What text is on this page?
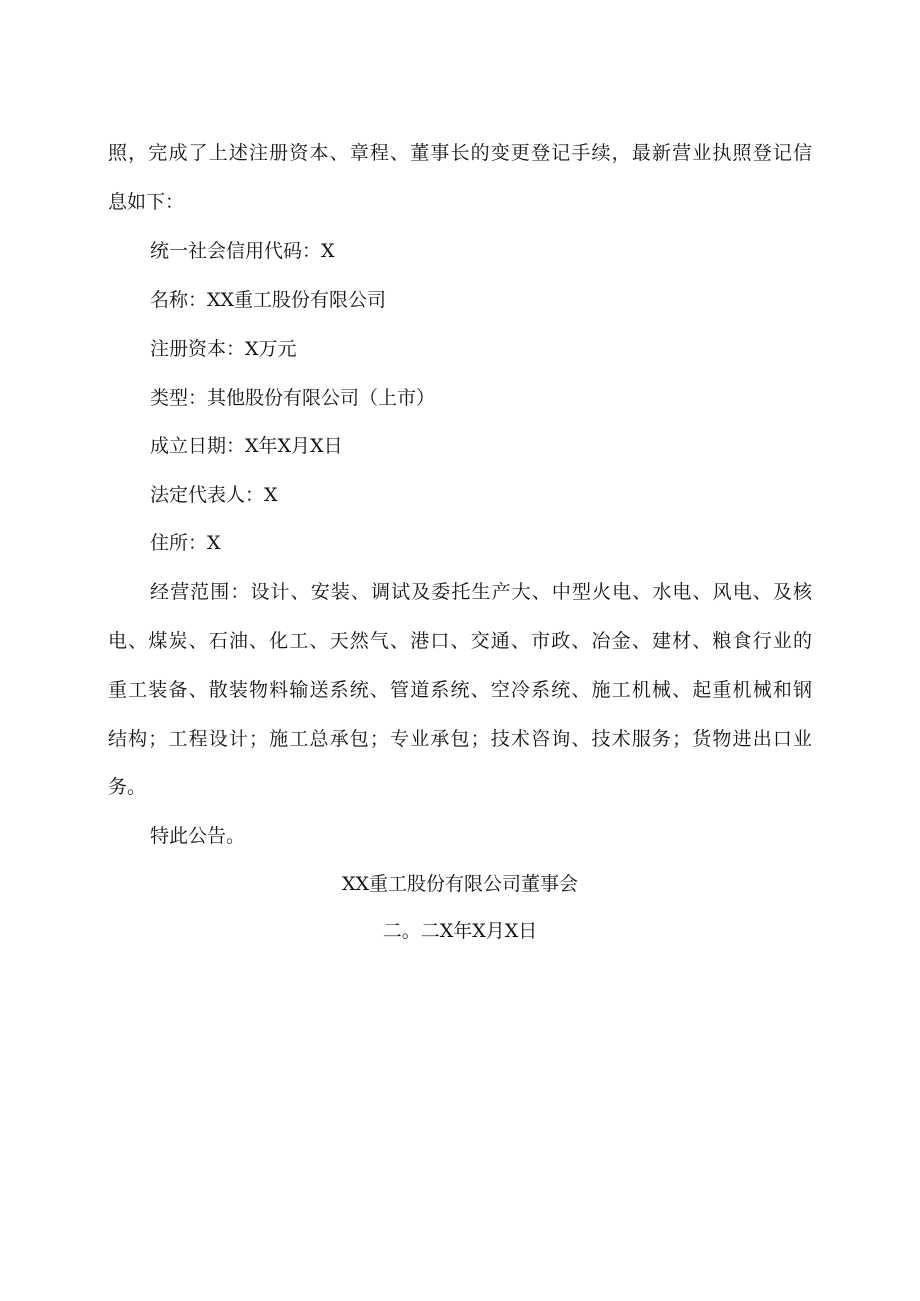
照，完成了上述注册资本、章程、董事长的变更登记手续，最新营业执照登记信
息如下：
统一社会信用代码：X
名称：XX重工股份有限公司
注册资本：X万元
类型：其他股份有限公司（上市）
成立日期：X年X月X日
法定代表人：X
住所：X
经营范围：设计、安装、调试及委托生产大、中型火电、水电、风电、及核
电、煤炭、石油、化工、天然气、港口、交通、市政、冶金、建材、粮食行业的
重工装备、散装物料输送系统、管道系统、空冷系统、施工机械、起重机械和钢
结构；工程设计；施工总承包；专业承包；技术咨询、技术服务；货物进出口业
务。
特此公告。
XX重工股份有限公司董事会
二。二X年X月X日
